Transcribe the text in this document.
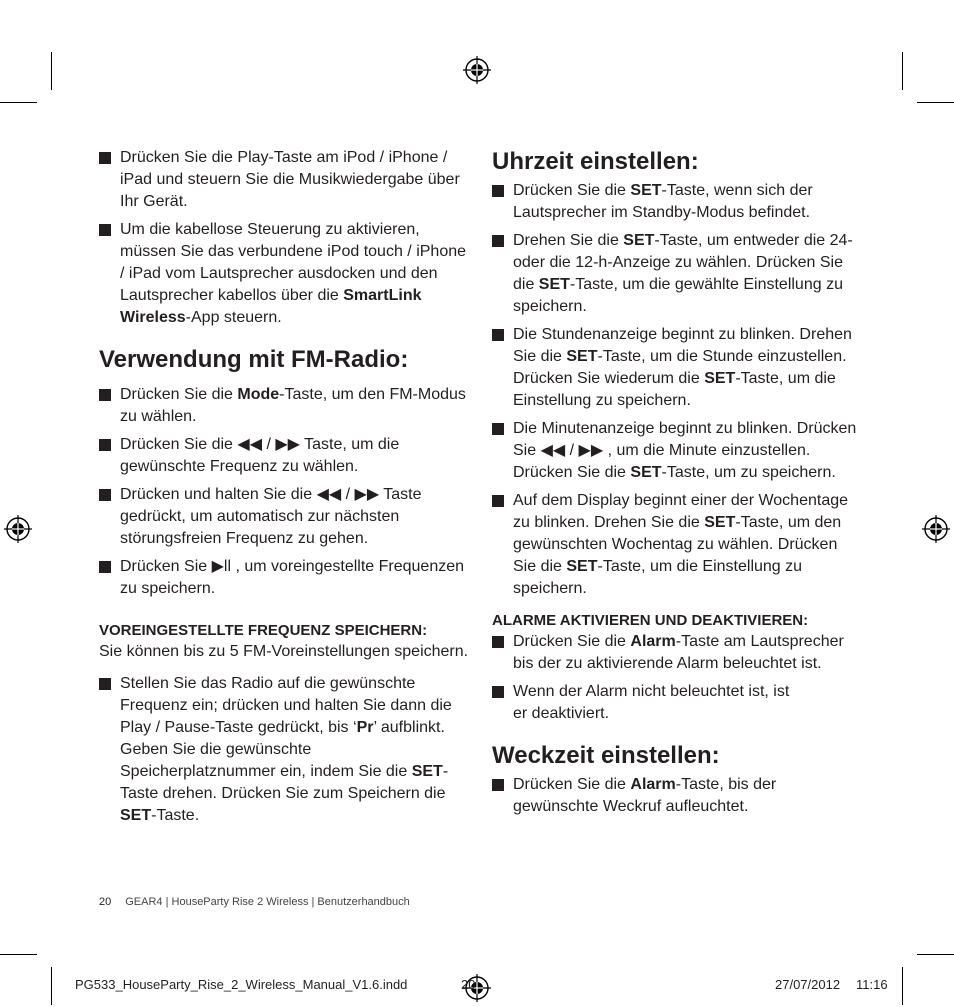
Drücken Sie die Play-Taste am iPod / iPhone / iPad und steuern Sie die Musikwiedergabe über Ihr Gerät.
Um die kabellose Steuerung zu aktivieren, müssen Sie das verbundene iPod touch / iPhone / iPad vom Lautsprecher ausdocken und den Lautsprecher kabellos über die SmartLink Wireless-App steuern.
Verwendung mit FM-Radio:
Drücken Sie die Mode-Taste, um den FM-Modus zu wählen.
Drücken Sie die ◀◀ / ▶▶ Taste, um die gewünschte Frequenz zu wählen.
Drücken und halten Sie die ◀◀ / ▶▶ Taste gedrückt, um automatisch zur nächsten störungsfreien Frequenz zu gehen.
Drücken Sie ▶ll , um voreingestellte Frequenzen zu speichern.
VOREINGESTELLTE FREQUENZ SPEICHERN:
Sie können bis zu 5 FM-Voreinstellungen speichern.
Stellen Sie das Radio auf die gewünschte Frequenz ein; drücken und halten Sie dann die Play / Pause-Taste gedrückt, bis ‘Pr’ aufblinkt. Geben Sie die gewünschte Speicherplatznummer ein, indem Sie die SET-Taste drehen. Drücken Sie zum Speichern die SET-Taste.
Uhrzeit einstellen:
Drücken Sie die SET-Taste, wenn sich der Lautsprecher im Standby-Modus befindet.
Drehen Sie die SET-Taste, um entweder die 24- oder die 12-h-Anzeige zu wählen. Drücken Sie die SET-Taste, um die gewählte Einstellung zu speichern.
Die Stundenanzeige beginnt zu blinken. Drehen Sie die SET-Taste, um die Stunde einzustellen. Drücken Sie wiederum die SET-Taste, um die Einstellung zu speichern.
Die Minutenanzeige beginnt zu blinken. Drücken Sie ◀◀ / ▶▶ , um die Minute einzustellen. Drücken Sie die SET-Taste, um zu speichern.
Auf dem Display beginnt einer der Wochentage zu blinken. Drehen Sie die SET-Taste, um den gewünschten Wochentag zu wählen. Drücken Sie die SET-Taste, um die Einstellung zu speichern.
ALARME AKTIVIEREN UND DEAKTIVIEREN:
Drücken Sie die Alarm-Taste am Lautsprecher bis der zu aktivierende Alarm beleuchtet ist.
Wenn der Alarm nicht beleuchtet ist, ist er deaktiviert.
Weckzeit einstellen:
Drücken Sie die Alarm-Taste, bis der gewünschte Weckruf aufleuchtet.
20 GEAR4 | HouseParty Rise 2 Wireless | Benutzerhandbuch
PG533_HouseParty_Rise_2_Wireless_Manual_V1.6.indd	20	27/07/2012 11:16
